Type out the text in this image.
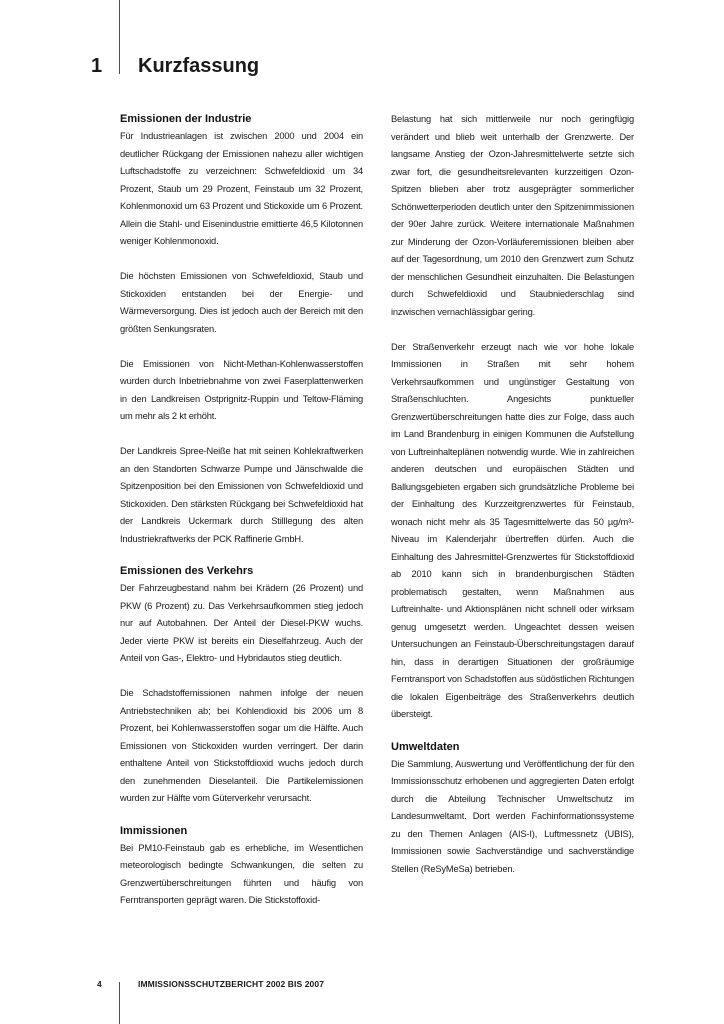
1 Kurzfassung
Emissionen der Industrie

Für Industrieanlagen ist zwischen 2000 und 2004 ein deutlicher Rückgang der Emissionen nahezu aller wichtigen Luftschadstoffe zu verzeichnen: Schwefeldioxid um 34 Prozent, Staub um 29 Prozent, Feinstaub um 32 Prozent, Kohlenmonoxid um 63 Prozent und Stickoxide um 6 Prozent. Allein die Stahl- und Eisenindustrie emittierte 46,5 Kilotonnen weniger Kohlenmonoxid.

Die höchsten Emissionen von Schwefeldioxid, Staub und Stickoxiden entstanden bei der Energie- und Wärmeversorgung. Dies ist jedoch auch der Bereich mit den größten Senkungsraten.

Die Emissionen von Nicht-Methan-Kohlenwasserstoffen wurden durch Inbetriebnahme von zwei Faserplattenwerken in den Landkreisen Ostprignitz-Ruppin und Teltow-Fläming um mehr als 2 kt erhöht.

Der Landkreis Spree-Neiße hat mit seinen Kohlekraftwerken an den Standorten Schwarze Pumpe und Jänschwalde die Spitzenposition bei den Emissionen von Schwefeldioxid und Stickoxiden. Den stärksten Rückgang bei Schwefeldioxid hat der Landkreis Uckermark durch Stilllegung des alten Industriekraftwerks der PCK Raffinerie GmbH.

Emissionen des Verkehrs

Der Fahrzeugbestand nahm bei Krädern (26 Prozent) und PKW (6 Prozent) zu. Das Verkehrsaufkommen stieg jedoch nur auf Autobahnen. Der Anteil der Diesel-PKW wuchs. Jeder vierte PKW ist bereits ein Dieselfahrzeug. Auch der Anteil von Gas-, Elektro- und Hybridautos stieg deutlich.

Die Schadstoffemissionen nahmen infolge der neuen Antriebstechniken ab; bei Kohlendioxid bis 2006 um 8 Prozent, bei Kohlenwasserstoffen sogar um die Hälfte. Auch Emissionen von Stickoxiden wurden verringert. Der darin enthaltene Anteil von Stickstoffdioxid wuchs jedoch durch den zunehmenden Dieselanteil. Die Partikelemissionen wurden zur Hälfte vom Güterverkehr verursacht.

Immissionen

Bei PM10-Feinstaub gab es erhebliche, im Wesentlichen meteorologisch bedingte Schwankungen, die selten zu Grenzwertüberschreitungen führten und häufig von Ferntransporten geprägt waren. Die Stickstoffoxid-

Belastung hat sich mittlerweile nur noch geringfügig verändert und blieb weit unterhalb der Grenzwerte. Der langsame Anstieg der Ozon-Jahresmittelwerte setzte sich zwar fort, die gesundheitsrelevanten kurzzeitigen Ozon-Spitzen blieben aber trotz ausgeprägter sommerlicher Schönwetterperioden deutlich unter den Spitzenimmissionen der 90er Jahre zurück. Weitere internationale Maßnahmen zur Minderung der Ozon-Vorläuferemissionen bleiben aber auf der Tagesordnung, um 2010 den Grenzwert zum Schutz der menschlichen Gesundheit einzuhalten. Die Belastungen durch Schwefeldioxid und Staubniederschlag sind inzwischen vernachlässigbar gering.

Der Straßenverkehr erzeugt nach wie vor hohe lokale Immissionen in Straßen mit sehr hohem Verkehrsaufkommen und ungünstiger Gestaltung von Straßenschluchten. Angesichts punktueller Grenzwertüberschreitungen hatte dies zur Folge, dass auch im Land Brandenburg in einigen Kommunen die Aufstellung von Luftreinhalteplänen notwendig wurde. Wie in zahlreichen anderen deutschen und europäischen Städten und Ballungsgebieten ergaben sich grundsätzliche Probleme bei der Einhaltung des Kurzzeitgrenzwertes für Feinstaub, wonach nicht mehr als 35 Tagesmittelwerte das 50 µg/m³-Niveau im Kalenderjahr übertreffen dürfen. Auch die Einhaltung des Jahresmittel-Grenzwertes für Stickstoffdioxid ab 2010 kann sich in brandenburgischen Städten problematisch gestalten, wenn Maßnahmen aus Luftreinhalte- und Aktionsplänen nicht schnell oder wirksam genug umgesetzt werden. Ungeachtet dessen weisen Untersuchungen an Feinstaub-Überschreitungstagen darauf hin, dass in derartigen Situationen der großräumige Ferntransport von Schadstoffen aus südöstlichen Richtungen die lokalen Eigenbeiträge des Straßenverkehrs deutlich übersteigt.

Umweltdaten

Die Sammlung, Auswertung und Veröffentlichung der für den Immissionsschutz erhobenen und aggregierten Daten erfolgt durch die Abteilung Technischer Umweltschutz im Landesumweltamt. Dort werden Fachinformationssysteme zu den Themen Anlagen (AIS-I), Luftmessnetz (UBIS), Immissionen sowie Sachverständige und sachverständige Stellen (ReSyMeSa) betrieben.

4	IMMISSIONSSCHUTZBERICHT 2002 BIS 2007
